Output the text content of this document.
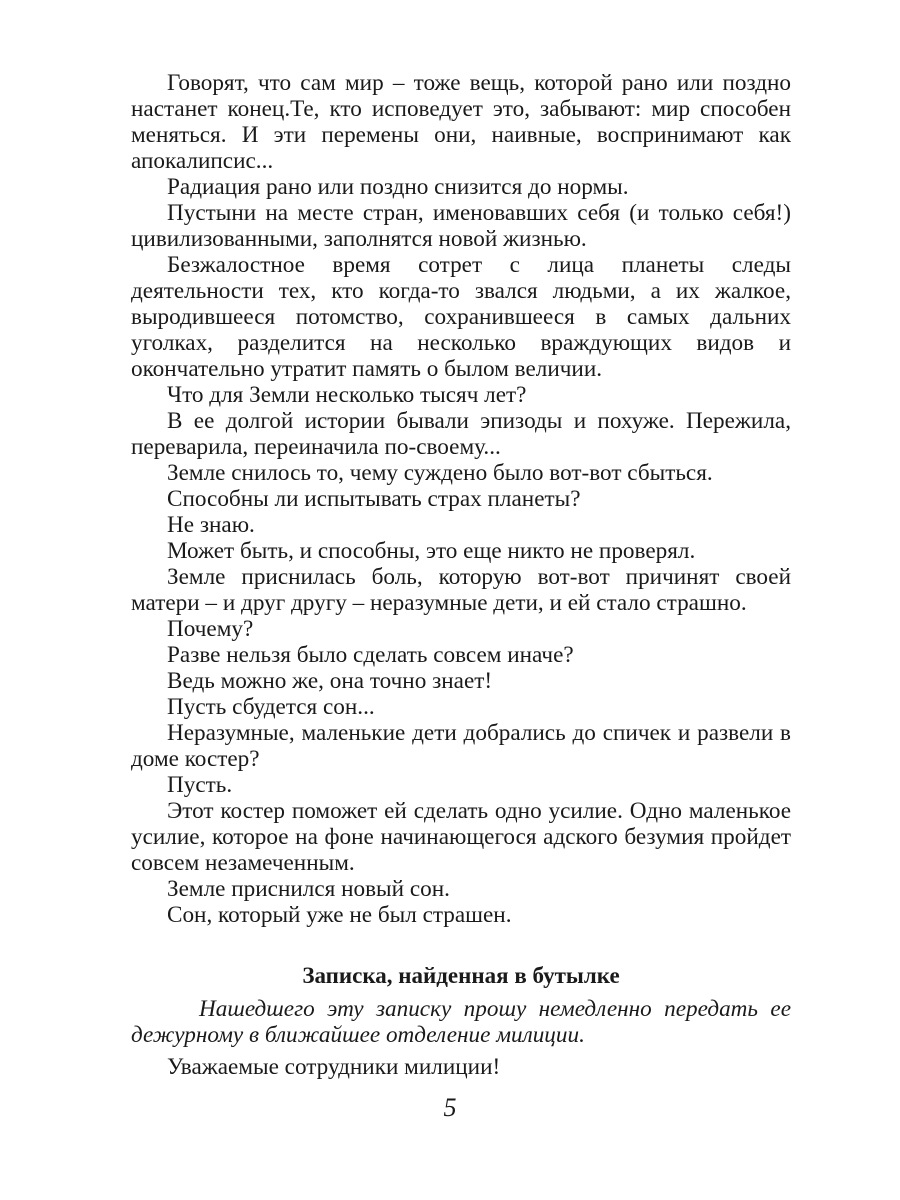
Говорят, что сам мир – тоже вещь, которой рано или поздно настанет конец.Те, кто исповедует это, забывают: мир способен меняться. И эти перемены они, наивные, воспринимают как апокалипсис...

Радиация рано или поздно снизится до нормы.

Пустыни на месте стран, именовавших себя (и только себя!) цивилизованными, заполнятся новой жизнью.

Безжалостное время сотрет с лица планеты следы деятельности тех, кто когда-то звался людьми, а их жалкое, выродившееся потомство, сохранившееся в самых дальних уголках, разделится на несколько враждующих видов и окончательно утратит память о былом величии.

Что для Земли несколько тысяч лет?

В ее долгой истории бывали эпизоды и похуже. Пережила, переварила, переиначила по-своему...

Земле снилось то, чему суждено было вот-вот сбыться.

Способны ли испытывать страх планеты?

Не знаю.

Может быть, и способны, это еще никто не проверял.

Земле приснилась боль, которую вот-вот причинят своей матери – и друг другу – неразумные дети, и ей стало страшно.

Почему?

Разве нельзя было сделать совсем иначе?

Ведь можно же, она точно знает!

Пусть сбудется сон...

Неразумные, маленькие дети добрались до спичек и развели в доме костер?

Пусть.

Этот костер поможет ей сделать одно усилие. Одно маленькое усилие, которое на фоне начинающегося адского безумия пройдет совсем незамеченным.

Земле приснился новый сон.

Сон, который уже не был страшен.

Записка, найденная в бутылке

Нашедшего эту записку прошу немедленно передать ее дежурному в ближайшее отделение милиции.

Уважаемые сотрудники милиции!

5
